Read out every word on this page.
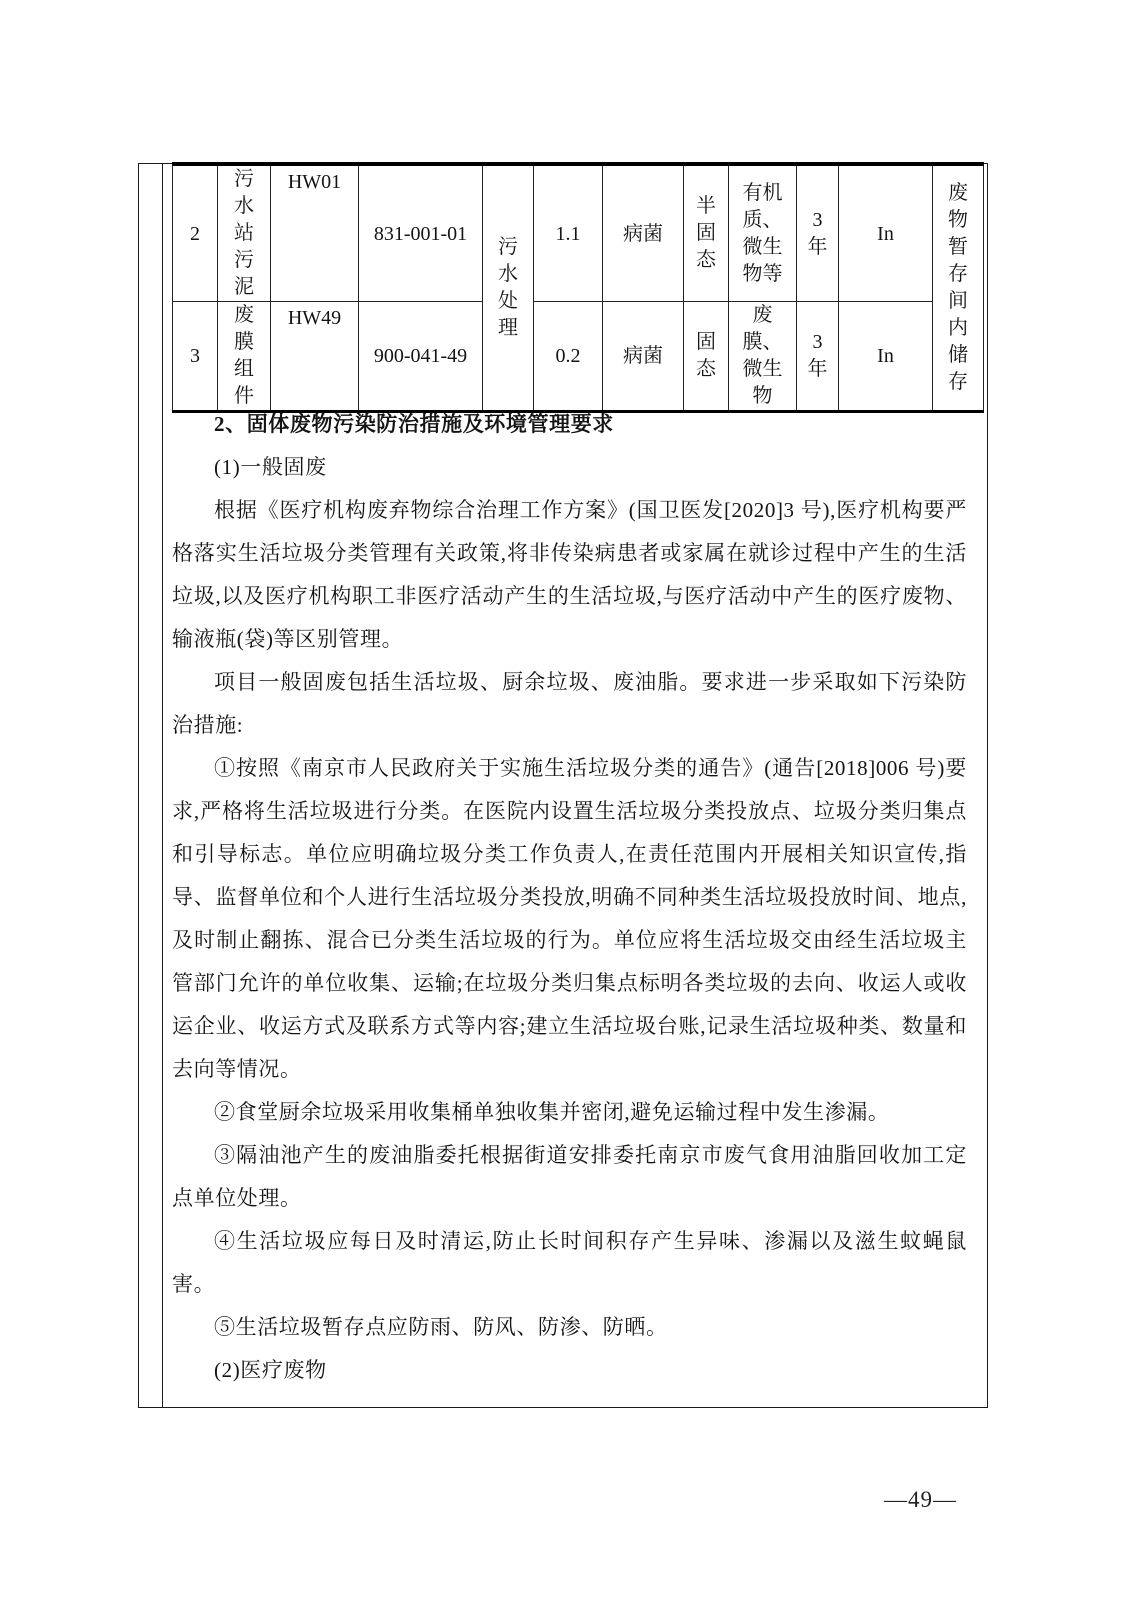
2	污水站污泥	HW01	831-001-01	污水处理	1.1	病菌	半固态	有机质、微生物等	3年	In	废物暂存间内储存

3	废膜组件	HW49	900-041-49		0.2	病菌	固态	废膜、微生物	3年	In	

2、固体废物污染防治措施及环境管理要求

(1)一般固废

根据《医疗机构废弃物综合治理工作方案》(国卫医发[2020]3 号),医疗机构要严格落实生活垃圾分类管理有关政策,将非传染病患者或家属在就诊过程中产生的生活垃圾,以及医疗机构职工非医疗活动产生的生活垃圾,与医疗活动中产生的医疗废物、输液瓶(袋)等区别管理。

项目一般固废包括生活垃圾、厨余垃圾、废油脂。要求进一步采取如下污染防治措施:

①按照《南京市人民政府关于实施生活垃圾分类的通告》(通告[2018]006 号)要求,严格将生活垃圾进行分类。在医院内设置生活垃圾分类投放点、垃圾分类归集点和引导标志。单位应明确垃圾分类工作负责人,在责任范围内开展相关知识宣传,指导、监督单位和个人进行生活垃圾分类投放,明确不同种类生活垃圾投放时间、地点,及时制止翻拣、混合已分类生活垃圾的行为。单位应将生活垃圾交由经生活垃圾主管部门允许的单位收集、运输;在垃圾分类归集点标明各类垃圾的去向、收运人或收运企业、收运方式及联系方式等内容;建立生活垃圾台账,记录生活垃圾种类、数量和去向等情况。

②食堂厨余垃圾采用收集桶单独收集并密闭,避免运输过程中发生渗漏。

③隔油池产生的废油脂委托根据街道安排委托南京市废气食用油脂回收加工定点单位处理。

④生活垃圾应每日及时清运,防止长时间积存产生异味、渗漏以及滋生蚊蝇鼠害。

⑤生活垃圾暂存点应防雨、防风、防渗、防晒。

(2)医疗废物

—49—
